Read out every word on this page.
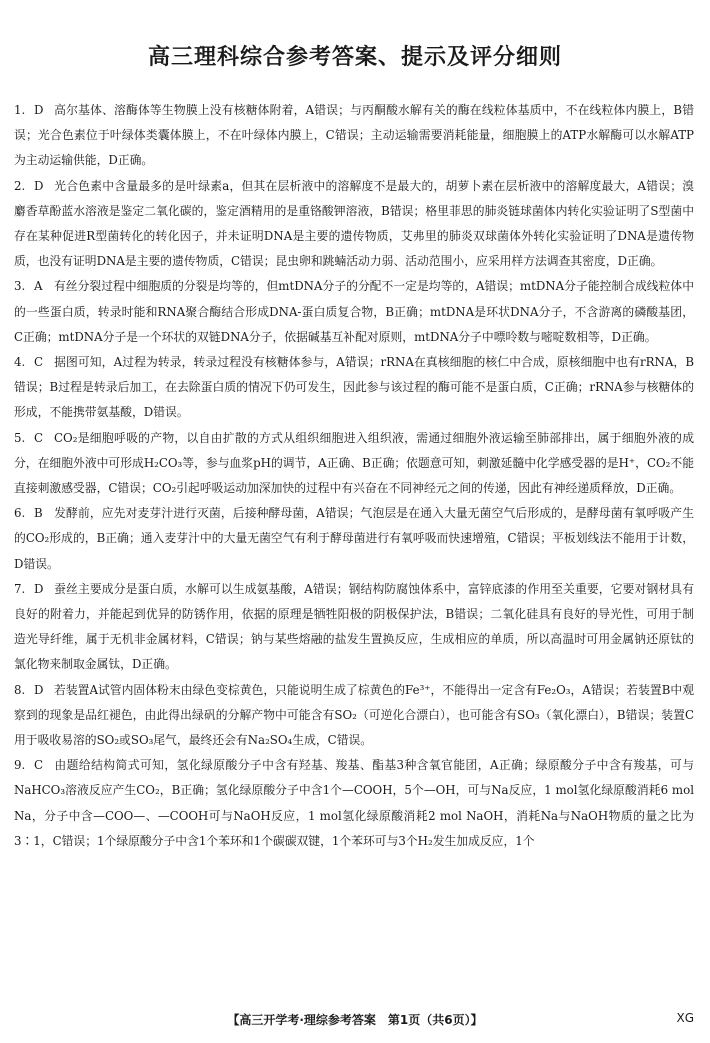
高三理科综合参考答案、提示及评分细则
1. D 高尔基体、溶酶体等生物膜上没有核糖体附着，A错误；与丙酮酸水解有关的酶在线粒体基质中，不在线粒体内膜上，B错误；光合色素位于叶绿体类囊体膜上，不在叶绿体内膜上，C错误；主动运输需要消耗能量，细胞膜上的ATP水解酶可以水解ATP为主动运输供能，D正确。
2. D 光合色素中含量最多的是叶绿素a，但其在层析液中的溶解度不是最大的，胡萝卜素在层析液中的溶解度最大，A错误；溴麝香草酚蓝水溶液是鉴定二氧化碳的，鉴定酒精用的是重铬酸钾溶液，B错误；格里菲思的肺炎链球菌体内转化实验证明了S型菌中存在某种促进R型菌转化的转化因子，并未证明DNA是主要的遗传物质，艾弗里的肺炎双球菌体外转化实验证明了DNA是遗传物质，也没有证明DNA是主要的遗传物质，C错误；昆虫卵和跳蝻活动力弱、活动范围小，应采用样方法调查其密度，D正确。
3. A 有丝分裂过程中细胞质的分裂是均等的，但mtDNA分子的分配不一定是均等的，A错误；mtDNA分子能控制合成线粒体中的一些蛋白质，转录时能和RNA聚合酶结合形成DNA-蛋白质复合物，B正确；mtDNA是环状DNA分子，不含游离的磷酸基团，C正确；mtDNA分子是一个环状的双链DNA分子，依据碱基互补配对原则，mtDNA分子中嘌呤数与嘧啶数相等，D正确。
4. C 据图可知，A过程为转录，转录过程没有核糖体参与，A错误；rRNA在真核细胞的核仁中合成，原核细胞中也有rRNA，B错误；B过程是转录后加工，在去除蛋白质的情况下仍可发生，因此参与该过程的酶可能不是蛋白质，C正确；rRNA参与核糖体的形成，不能携带氨基酸，D错误。
5. C CO₂是细胞呼吸的产物，以自由扩散的方式从组织细胞进入组织液，需通过细胞外液运输至肺部排出，属于细胞外液的成分，在细胞外液中可形成H₂CO₃等，参与血浆pH的调节，A正确、B正确；依题意可知，刺激延髓中化学感受器的是H⁺，CO₂不能直接刺激感受器，C错误；CO₂引起呼吸运动加深加快的过程中有兴奋在不同神经元之间的传递，因此有神经递质释放，D正确。
6. B 发酵前，应先对麦芽汁进行灭菌，后接种酵母菌，A错误；气泡层是在通入大量无菌空气后形成的，是酵母菌有氧呼吸产生的CO₂形成的，B正确；通入麦芽汁中的大量无菌空气有利于酵母菌进行有氧呼吸而快速增殖，C错误；平板划线法不能用于计数，D错误。
7. D 蚕丝主要成分是蛋白质，水解可以生成氨基酸，A错误；钢结构防腐蚀体系中，富锌底漆的作用至关重要，它要对钢材具有良好的附着力，并能起到优异的防锈作用，依据的原理是牺牲阳极的阴极保护法，B错误；二氧化硅具有良好的导光性，可用于制造光导纤维，属于无机非金属材料，C错误；钠与某些熔融的盐发生置换反应，生成相应的单质，所以高温时可用金属钠还原钛的氯化物来制取金属钛，D正确。
8. D 若装置A试管内固体粉末由绿色变棕黄色，只能说明生成了棕黄色的Fe³⁺，不能得出一定含有Fe₂O₃，A错误；若装置B中观察到的现象是品红褪色，由此得出绿矾的分解产物中可能含有SO₂（可逆化合漂白），也可能含有SO₃（氧化漂白），B错误；装置C用于吸收易溶的SO₂或SO₃尾气，最终还会有Na₂SO₄生成，C错误。
9. C 由题给结构简式可知，氢化绿原酸分子中含有羟基、羧基、酯基3种含氧官能团，A正确；绿原酸分子中含有羧基，可与NaHCO₃溶液反应产生CO₂，B正确；氢化绿原酸分子中含1个—COOH，5个—OH，可与Na反应，1 mol氢化绿原酸消耗6 mol Na，分子中含—COO—、—COOH可与NaOH反应，1 mol氢化绿原酸消耗2 mol NaOH，消耗Na与NaOH物质的量之比为3∶1，C错误；1个绿原酸分子中含1个苯环和1个碳碳双键，1个苯环可与3个H₂发生加成反应，1个
【高三开学考·理综参考答案　第1页（共6页）】	XG
